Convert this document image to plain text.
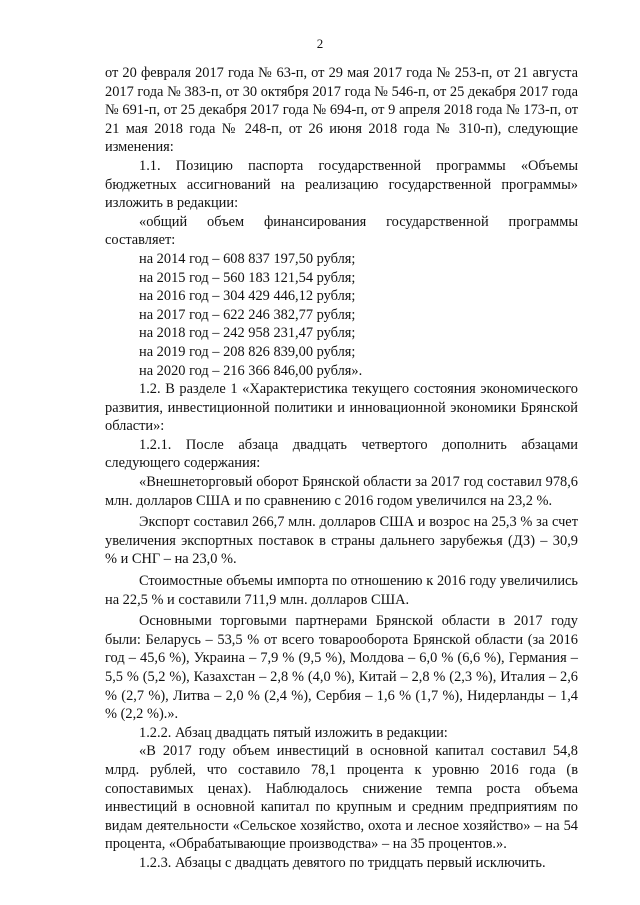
2

от 20 февраля 2017 года № 63-п, от 29 мая 2017 года № 253-п, от 21 августа 2017 года № 383-п, от 30 октября 2017 года № 546-п, от 25 декабря 2017 года № 691-п, от 25 декабря 2017 года № 694-п, от 9 апреля 2018 года № 173-п, от 21 мая 2018 года № 248-п, от 26 июня 2018 года № 310-п), следующие изменения:

1.1. Позицию паспорта государственной программы «Объемы бюджетных ассигнований на реализацию государственной программы» изложить в редакции:

«общий объем финансирования государственной программы составляет:

на 2014 год – 608 837 197,50 рубля;

на 2015 год – 560 183 121,54 рубля;

на 2016 год – 304 429 446,12 рубля;

на 2017 год – 622 246 382,77 рубля;

на 2018 год – 242 958 231,47 рубля;

на 2019 год – 208 826 839,00 рубля;

на 2020 год – 216 366 846,00 рубля».

1.2. В разделе 1 «Характеристика текущего состояния экономического развития, инвестиционной политики и инновационной экономики Брянской области»:

1.2.1. После абзаца двадцать четвертого дополнить абзацами следующего содержания:

«Внешнеторговый оборот Брянской области за 2017 год составил 978,6 млн. долларов США и по сравнению с 2016 годом увеличился на 23,2 %.

Экспорт составил 266,7 млн. долларов США и возрос на 25,3 % за счет увеличения экспортных поставок в страны дальнего зарубежья (ДЗ) – 30,9 % и СНГ – на 23,0 %.

Стоимостные объемы импорта по отношению к 2016 году увеличились на 22,5 % и составили 711,9 млн. долларов США.

Основными торговыми партнерами Брянской области в 2017 году были: Беларусь – 53,5 % от всего товарооборота Брянской области (за 2016 год – 45,6 %), Украина – 7,9 % (9,5 %), Молдова – 6,0 % (6,6 %), Германия – 5,5 % (5,2 %), Казахстан – 2,8 % (4,0 %), Китай – 2,8 % (2,3 %), Италия – 2,6 % (2,7 %), Литва – 2,0 % (2,4 %), Сербия – 1,6 % (1,7 %), Нидерланды – 1,4 % (2,2 %).».

1.2.2. Абзац двадцать пятый изложить в редакции:

«В 2017 году объем инвестиций в основной капитал составил 54,8 млрд. рублей, что составило 78,1 процента к уровню 2016 года (в сопоставимых ценах). Наблюдалось снижение темпа роста объема инвестиций в основной капитал по крупным и средним предприятиям по видам деятельности «Сельское хозяйство, охота и лесное хозяйство» – на 54 процента, «Обрабатывающие производства» – на 35 процентов.».

1.2.3. Абзацы с двадцать девятого по тридцать первый исключить.
